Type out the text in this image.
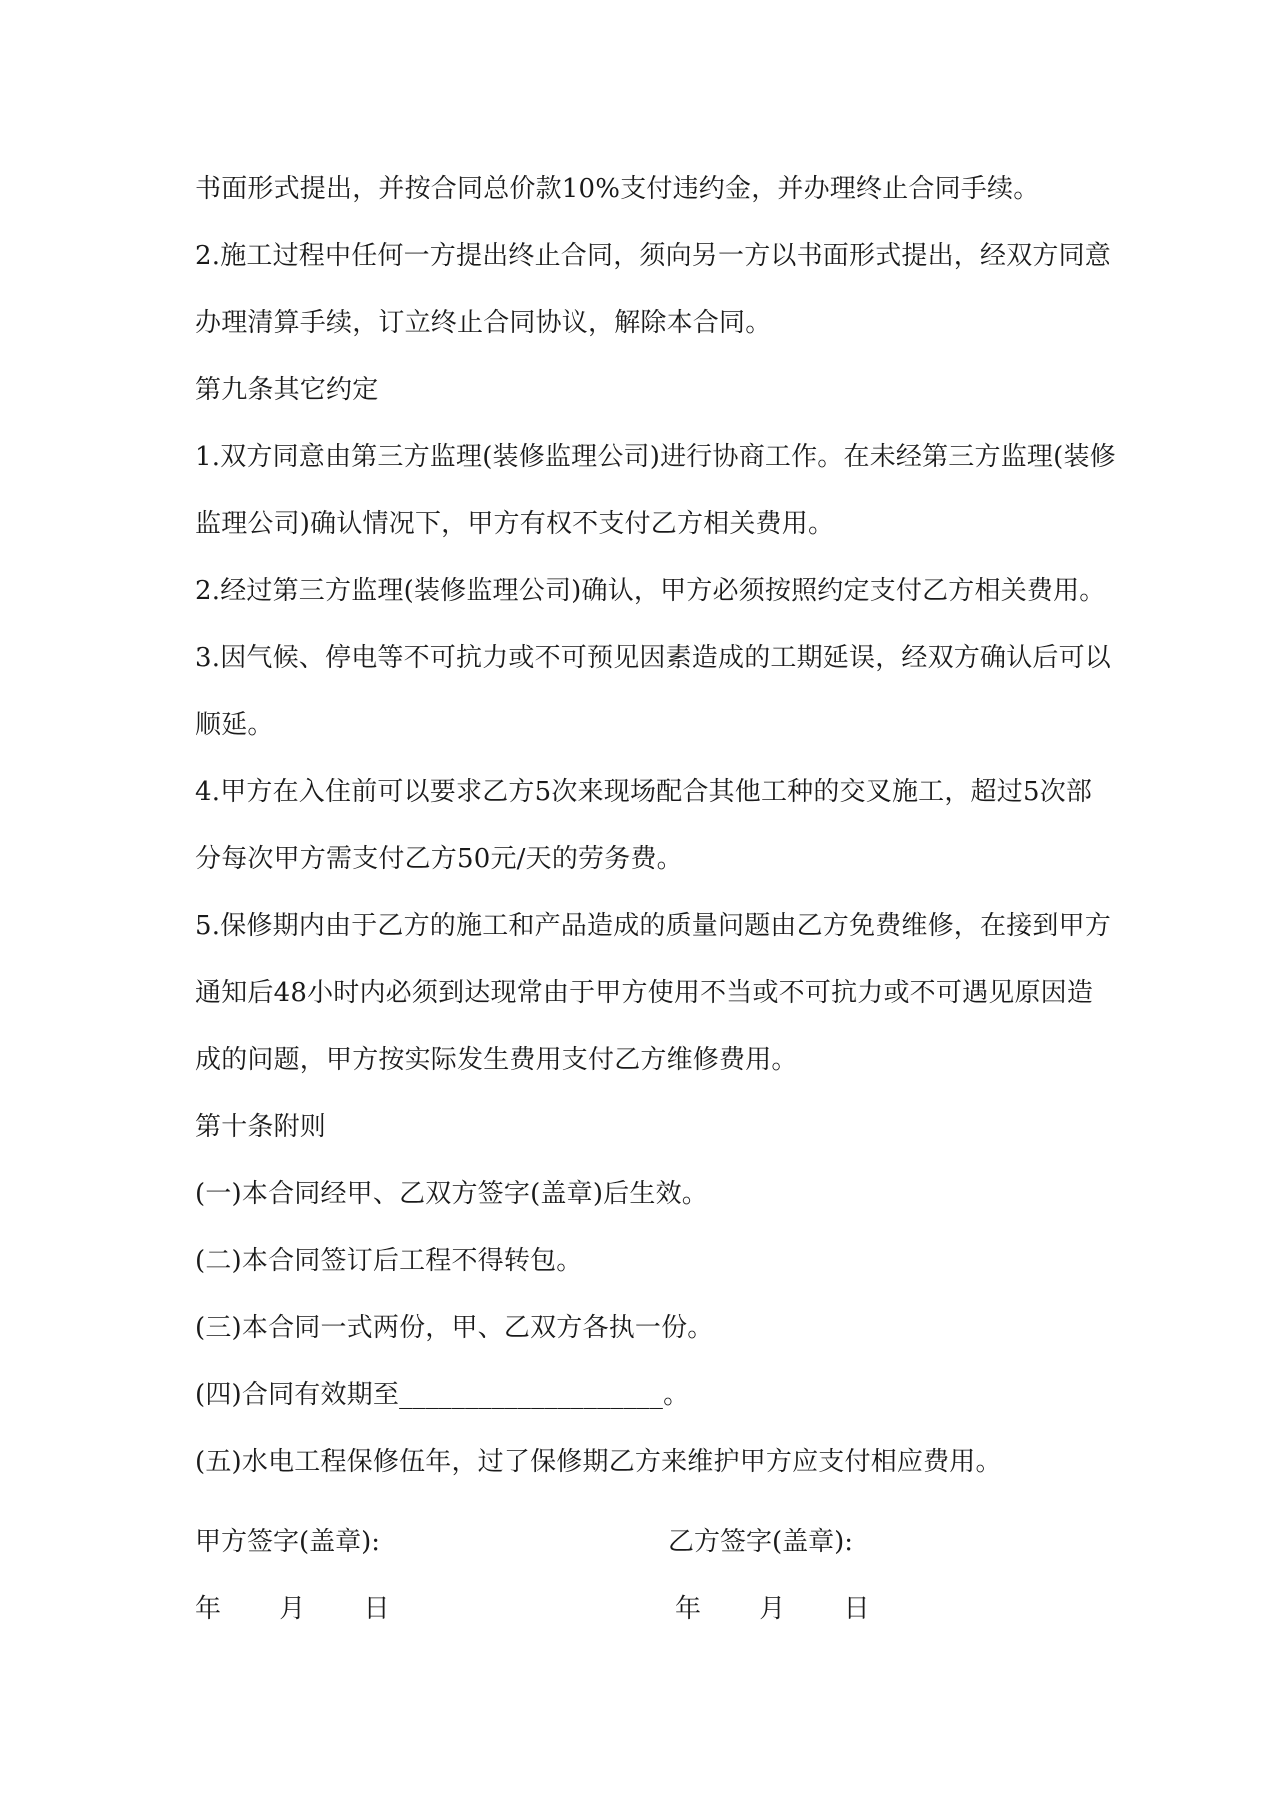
书面形式提出，并按合同总价款10%支付违约金，并办理终止合同手续。
2.施工过程中任何一方提出终止合同，须向另一方以书面形式提出，经双方同意
办理清算手续，订立终止合同协议，解除本合同。
第九条其它约定
1.双方同意由第三方监理(装修监理公司)进行协商工作。在未经第三方监理(装修
监理公司)确认情况下，甲方有权不支付乙方相关费用。
2.经过第三方监理(装修监理公司)确认，甲方必须按照约定支付乙方相关费用。
3.因气候、停电等不可抗力或不可预见因素造成的工期延误，经双方确认后可以
顺延。
4.甲方在入住前可以要求乙方5次来现场配合其他工种的交叉施工，超过5次部
分每次甲方需支付乙方50元/天的劳务费。
5.保修期内由于乙方的施工和产品造成的质量问题由乙方免费维修，在接到甲方
通知后48小时内必须到达现常由于甲方使用不当或不可抗力或不可遇见原因造
成的问题，甲方按实际发生费用支付乙方维修费用。
第十条附则
(一)本合同经甲、乙双方签字(盖章)后生效。
(二)本合同签订后工程不得转包。
(三)本合同一式两份，甲、乙双方各执一份。
(四)合同有效期至____________________。
(五)水电工程保修伍年，过了保修期乙方来维护甲方应支付相应费用。
甲方签字(盖章):	乙方签字(盖章):
年 月 日	年 月 日
